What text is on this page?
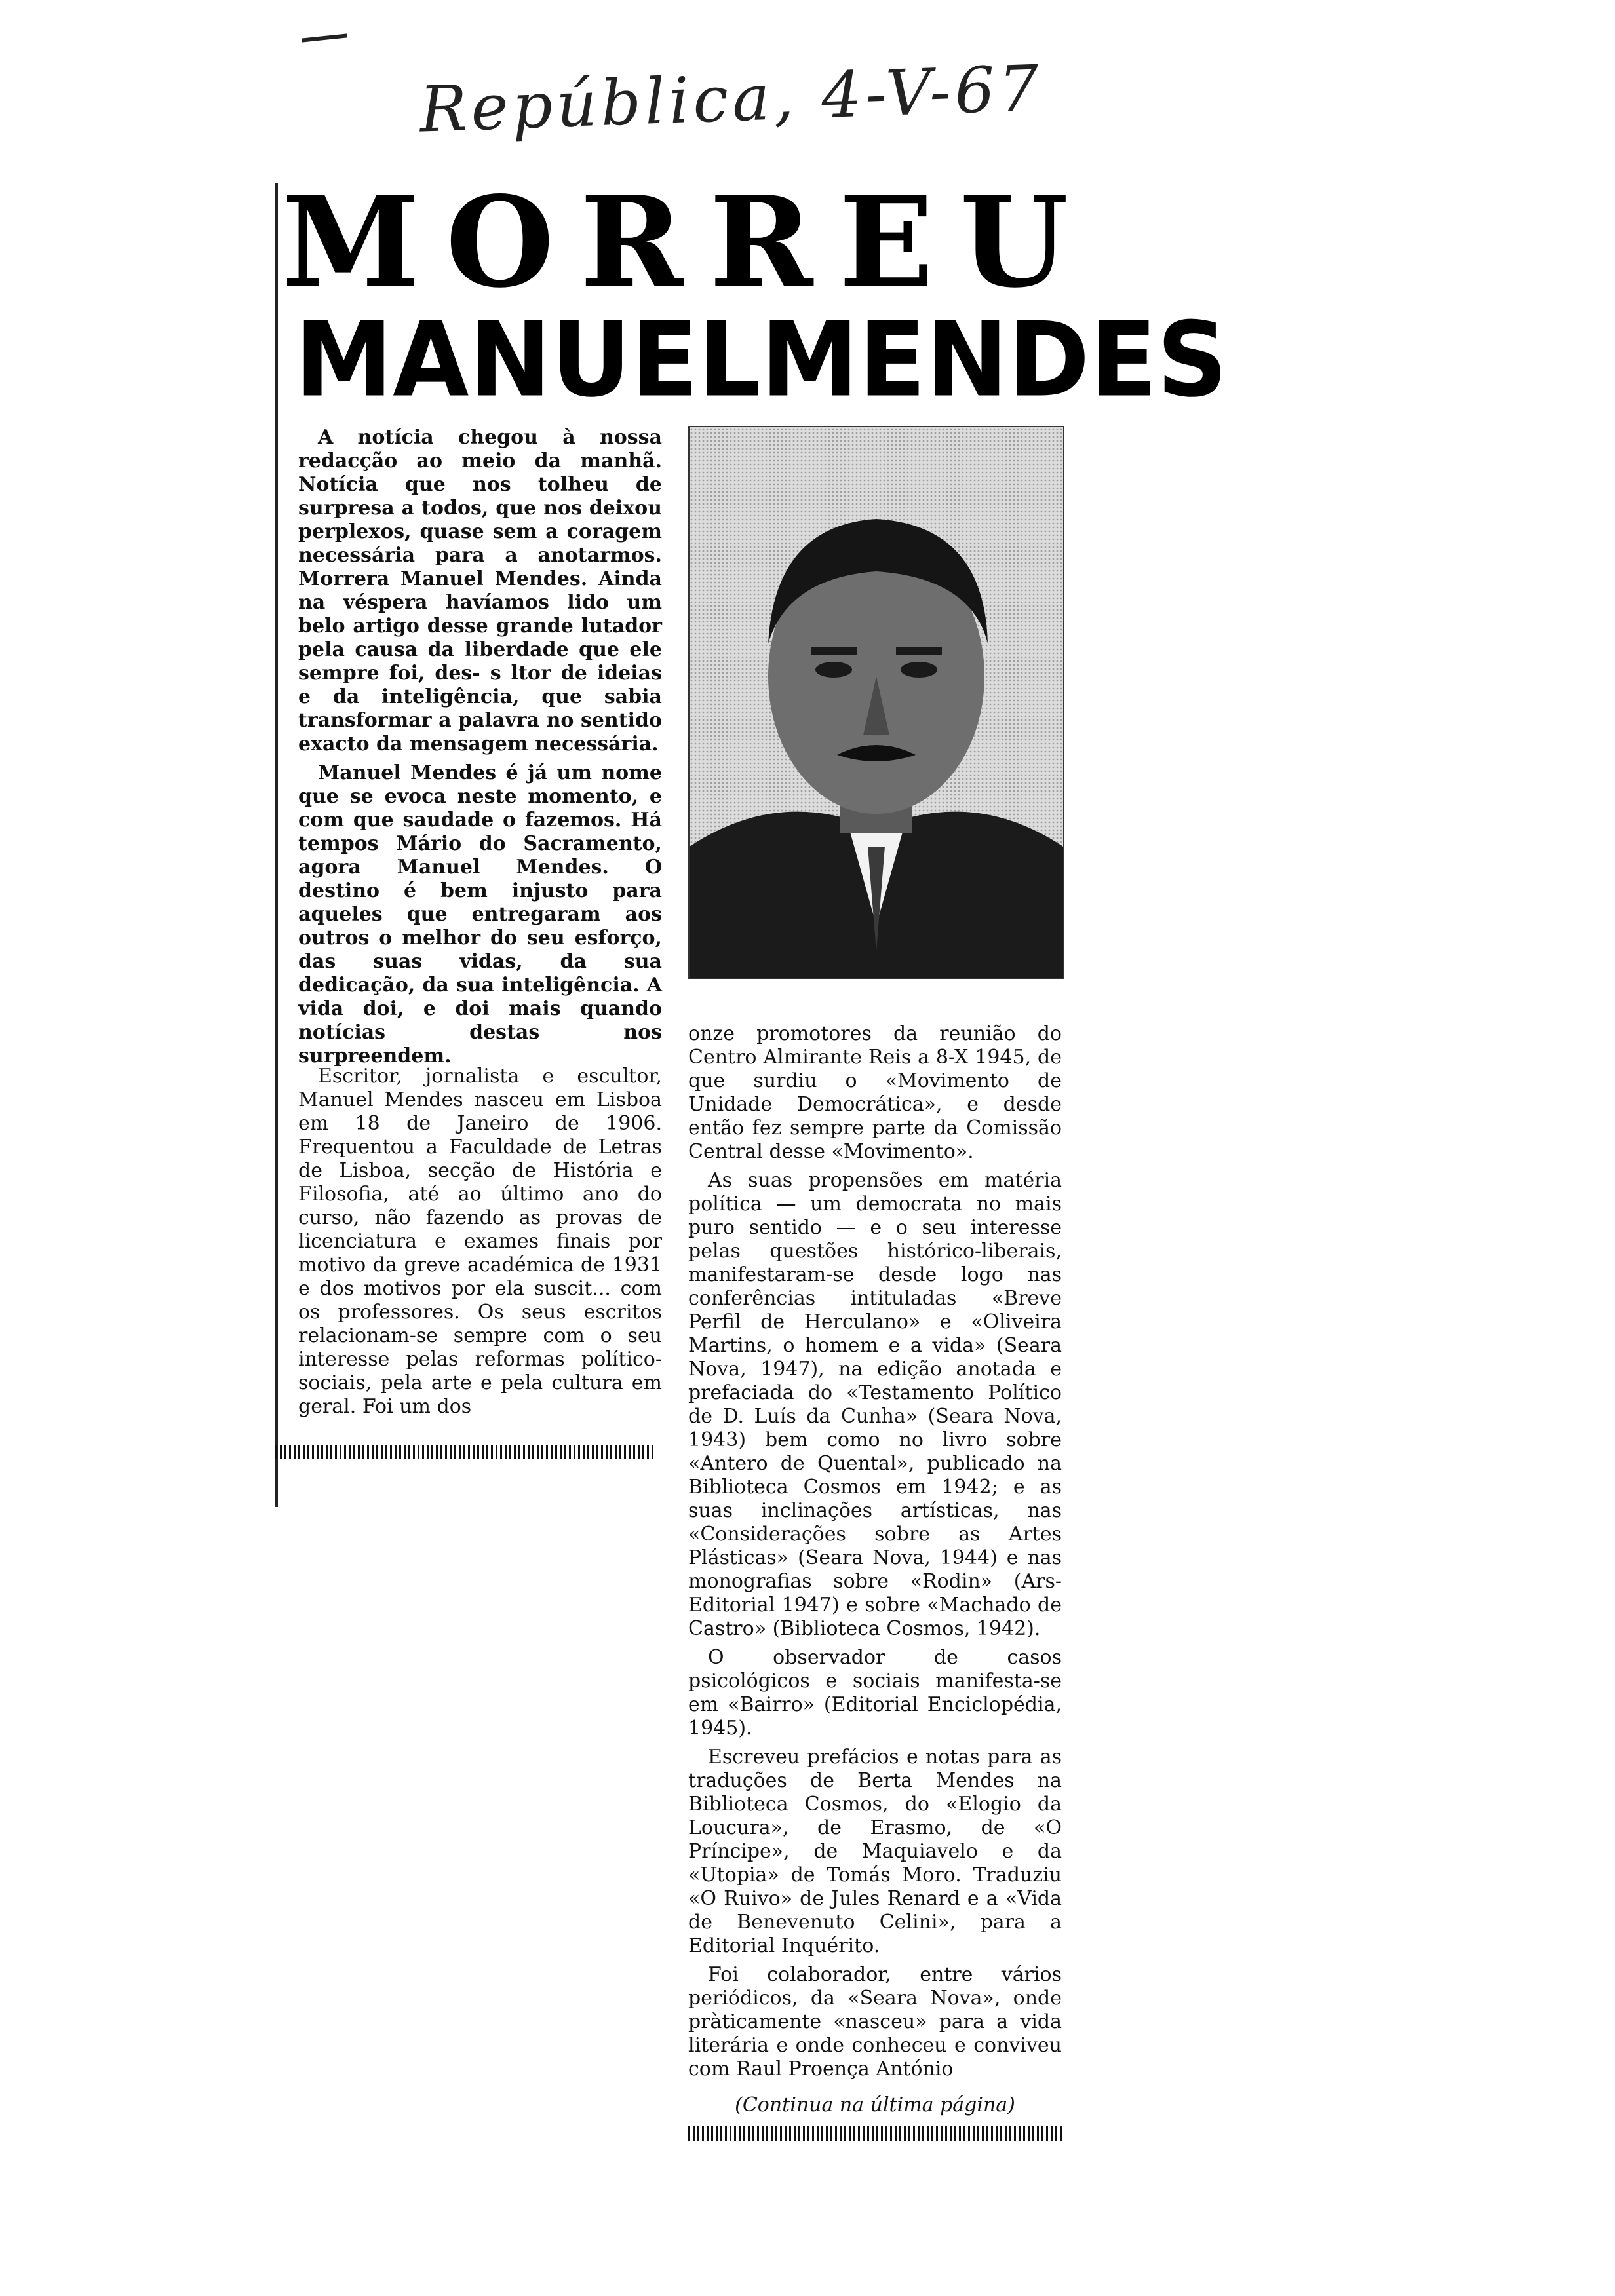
República, 4-V-67
M O R R E U
MANUEL MENDES

A notícia chegou à nossa redacção ao meio da manhã. Notícia que nos tolheu de surpresa a todos, que nos deixou perplexos, quase sem a coragem necessária para a anotarmos. Morrera Manuel Mendes. Ainda na véspera havíamos lido um belo artigo desse grande lutador pela causa da liberdade que ele sempre foi, des- s ltor de ideias e da inteligência, que sabia transformar a palavra no sentido exacto da mensagem necessária.

Manuel Mendes é já um nome que se evoca neste momento, e com que saudade o fazemos. Há tempos Mário do Sacramento, agora Manuel Mendes. O destino é bem injusto para aqueles que entregaram aos outros o melhor do seu esforço, das suas vidas, da sua dedicação, da sua inteligência. A vida doi, e doi mais quando notícias destas nos surpreendem.

Escritor, jornalista e escultor, Manuel Mendes nasceu em Lisboa em 18 de Janeiro de 1906. Frequentou a Faculdade de Letras de Lisboa, secção de História e Filosofia, até ao último ano do curso, não fazendo as provas de licenciatura e exames finais por motivo da greve académica de 1931 e dos motivos por ela suscit... com os professores. Os seus escritos relacionam-se sempre com o seu interesse pelas reformas político-sociais, pela arte e pela cultura em geral. Foi um dos

onze promotores da reunião do Centro Almirante Reis a 8-X 1945, de que surdiu o «Movimento de Unidade Democrática», e desde então fez sempre parte da Comissão Central desse «Movimento».

As suas propensões em matéria política — um democrata no mais puro sentido — e o seu interesse pelas questões histórico-liberais, manifestaram-se desde logo nas conferências intituladas «Breve Perfil de Herculano» e «Oliveira Martins, o homem e a vida» (Seara Nova, 1947), na edição anotada e prefaciada do «Testamento Político de D. Luís da Cunha» (Seara Nova, 1943) bem como no livro sobre «Antero de Quental», publicado na Biblioteca Cosmos em 1942; e as suas inclinações artísticas, nas «Considerações sobre as Artes Plásticas» (Seara Nova, 1944) e nas monografias sobre «Rodin» (Ars-Editorial 1947) e sobre «Machado de Castro» (Biblioteca Cosmos, 1942).

O observador de casos psicológicos e sociais manifesta-se em «Bairro» (Editorial Enciclopédia, 1945).

Escreveu prefácios e notas para as traduções de Berta Mendes na Biblioteca Cosmos, do «Elogio da Loucura», de Erasmo, de «O Príncipe», de Maquiavelo e da «Utopia» de Tomás Moro. Traduziu «O Ruivo» de Jules Renard e a «Vida de Benevenuto Celini», para a Editorial Inquérito.

Foi colaborador, entre vários periódicos, da «Seara Nova», onde pràticamente «nasceu» para a vida literária e onde conheceu e conviveu com Raul Proença António

(Continua na última página)
